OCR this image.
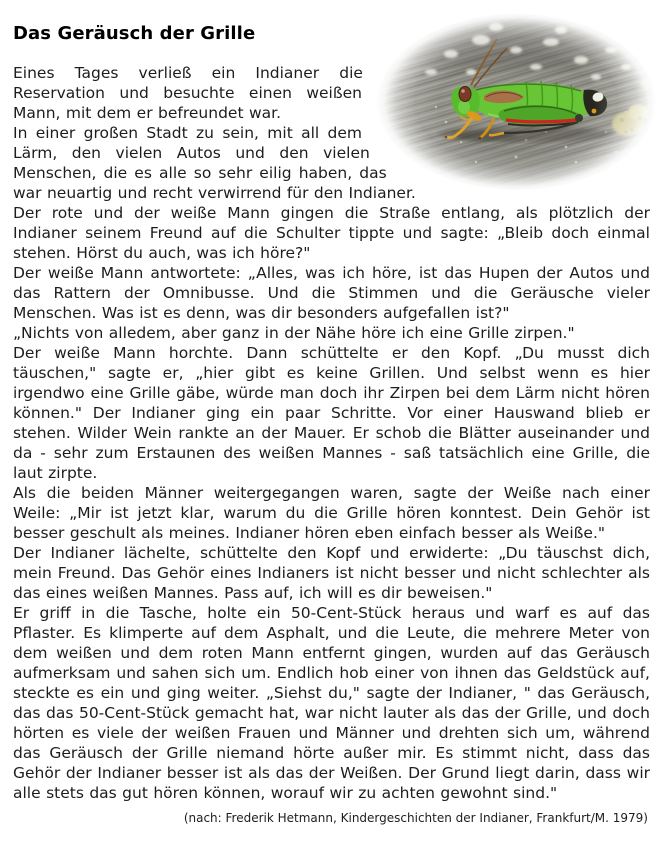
Das Geräusch der Grille

Eines Tages verließ ein Indianer die Reservation und besuchte einen weißen Mann, mit dem er befreundet war.

In einer großen Stadt zu sein, mit all dem Lärm, den vielen Autos und den vielen Menschen, die es alle so sehr eilig haben, das war neuartig und recht verwirrend für den Indianer.

Der rote und der weiße Mann gingen die Straße entlang, als plötzlich der Indianer seinem Freund auf die Schulter tippte und sagte: „Bleib doch einmal stehen. Hörst du auch, was ich höre?"

Der weiße Mann antwortete: „Alles, was ich höre, ist das Hupen der Autos und das Rattern der Omnibusse. Und die Stimmen und die Geräusche vieler Menschen. Was ist es denn, was dir besonders aufgefallen ist?"

„Nichts von alledem, aber ganz in der Nähe höre ich eine Grille zirpen."

Der weiße Mann horchte. Dann schüttelte er den Kopf. „Du musst dich täuschen," sagte er, „hier gibt es keine Grillen. Und selbst wenn es hier irgendwo eine Grille gäbe, würde man doch ihr Zirpen bei dem Lärm nicht hören können." Der Indianer ging ein paar Schritte. Vor einer Hauswand blieb er stehen. Wilder Wein rankte an der Mauer. Er schob die Blätter auseinander und da - sehr zum Erstaunen des weißen Mannes - saß tatsächlich eine Grille, die laut zirpte.

Als die beiden Männer weitergegangen waren, sagte der Weiße nach einer Weile: „Mir ist jetzt klar, warum du die Grille hören konntest. Dein Gehör ist besser geschult als meines. Indianer hören eben einfach besser als Weiße."

Der Indianer lächelte, schüttelte den Kopf und erwiderte: „Du täuschst dich, mein Freund. Das Gehör eines Indianers ist nicht besser und nicht schlechter als das eines weißen Mannes. Pass auf, ich will es dir beweisen."

Er griff in die Tasche, holte ein 50-Cent-Stück heraus und warf es auf das Pflaster. Es klimperte auf dem Asphalt, und die Leute, die mehrere Meter von dem weißen und dem roten Mann entfernt gingen, wurden auf das Geräusch aufmerksam und sahen sich um. Endlich hob einer von ihnen das Geldstück auf, steckte es ein und ging weiter. „Siehst du," sagte der Indianer, " das Geräusch, das das 50-Cent-Stück gemacht hat, war nicht lauter als das der Grille, und doch hörten es viele der weißen Frauen und Männer und drehten sich um, während das Geräusch der Grille niemand hörte außer mir. Es stimmt nicht, dass das Gehör der Indianer besser ist als das der Weißen. Der Grund liegt darin, dass wir alle stets das gut hören können, worauf wir zu achten gewohnt sind."

(nach: Frederik Hetmann, Kindergeschichten der Indianer, Frankfurt/M. 1979)
